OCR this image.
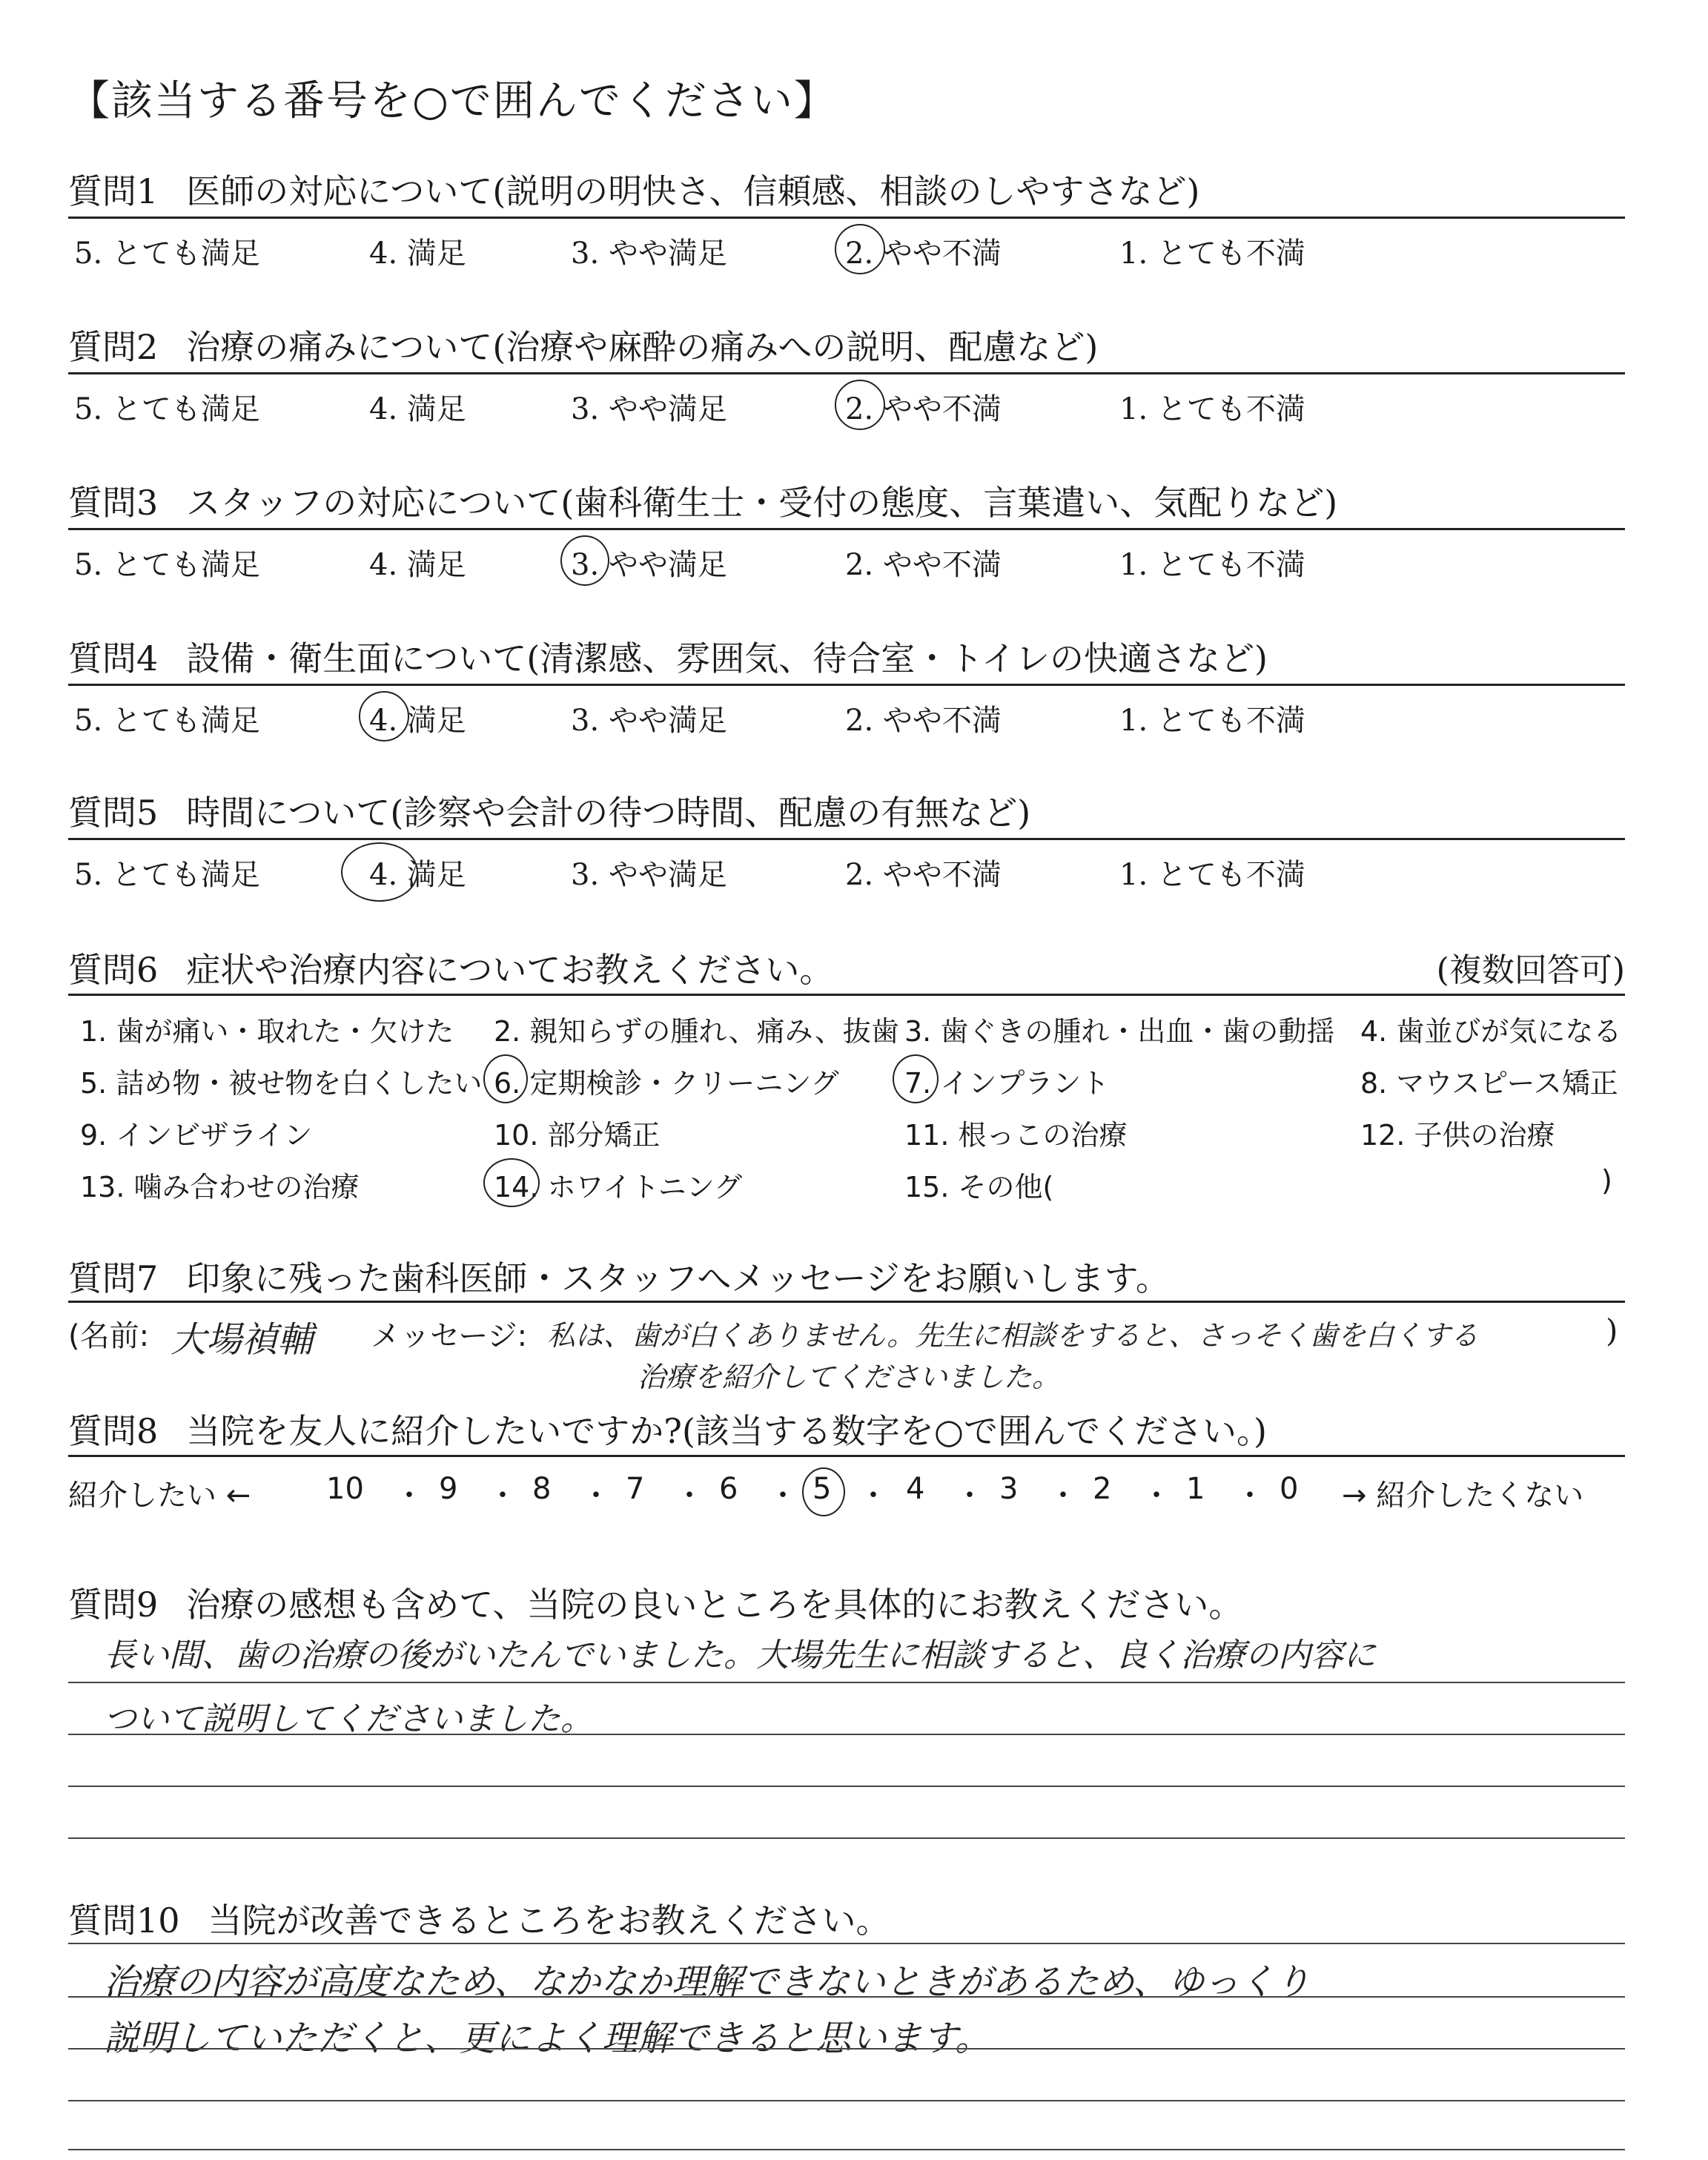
【該当する番号を○で囲んでください】
質問1 医師の対応について(説明の明快さ、信頼感、相談のしやすさなど)
5. とても満足	4. 満足	3. やや満足	2. やや不満	1. とても不満
質問2 治療の痛みについて(治療や麻酔の痛みへの説明、配慮など)
5. とても満足	4. 満足	3. やや満足	2. やや不満	1. とても不満
質問3 スタッフの対応について(歯科衛生士・受付の態度、言葉遣い、気配りなど)
5. とても満足	4. 満足	3. やや満足	2. やや不満	1. とても不満
質問4 設備・衛生面について(清潔感、雰囲気、待合室・トイレの快適さなど)
5. とても満足	4. 満足	3. やや満足	2. やや不満	1. とても不満
質問5 時間について(診察や会計の待つ時間、配慮の有無など)
5. とても満足	4. 満足	3. やや満足	2. やや不満	1. とても不満
質問6 症状や治療内容についてお教えください。	(複数回答可)
1. 歯が痛い・取れた・欠けた 2. 親知らずの腫れ、痛み、抜歯 3. 歯ぐきの腫れ・出血・歯の動揺 4. 歯並びが気になる
5. 詰め物・被せ物を白くしたい 6. 定期検診・クリーニング 7. インプラント	8. マウスピース矯正
9. インビザライン	10. 部分矯正	11. 根っこの治療	12. 子供の治療
13. 噛み合わせの治療	14. ホワイトニング	15. その他(	)
質問7 印象に残った歯科医師・スタッフへメッセージをお願いします。
(名前: 大場禎輔 メッセージ: 私は、歯が白くありません。先生に相談をすると、さっそく歯を白くする
治療を紹介してくださいました。
)
質問8 当院を友人に紹介したいですか?(該当する数字を○で囲んでください。)
紹介したい ←	10 ・ 9 ・ 8 ・ 7 ・ 6 ・ 5 ・ 4 ・ 3 ・ 2 ・ 1 ・ 0 → 紹介したくない
質問9 治療の感想も含めて、当院の良いところを具体的にお教えください。
長い間、歯の治療の後がいたんでいました。大場先生に相談すると、良く治療の内容に
ついて説明してくださいました。
質問10 当院が改善できるところをお教えください。
治療の内容が高度なため、なかなか理解できないときがあるため、ゆっくり
説明していただくと、更によく理解できると思います。
